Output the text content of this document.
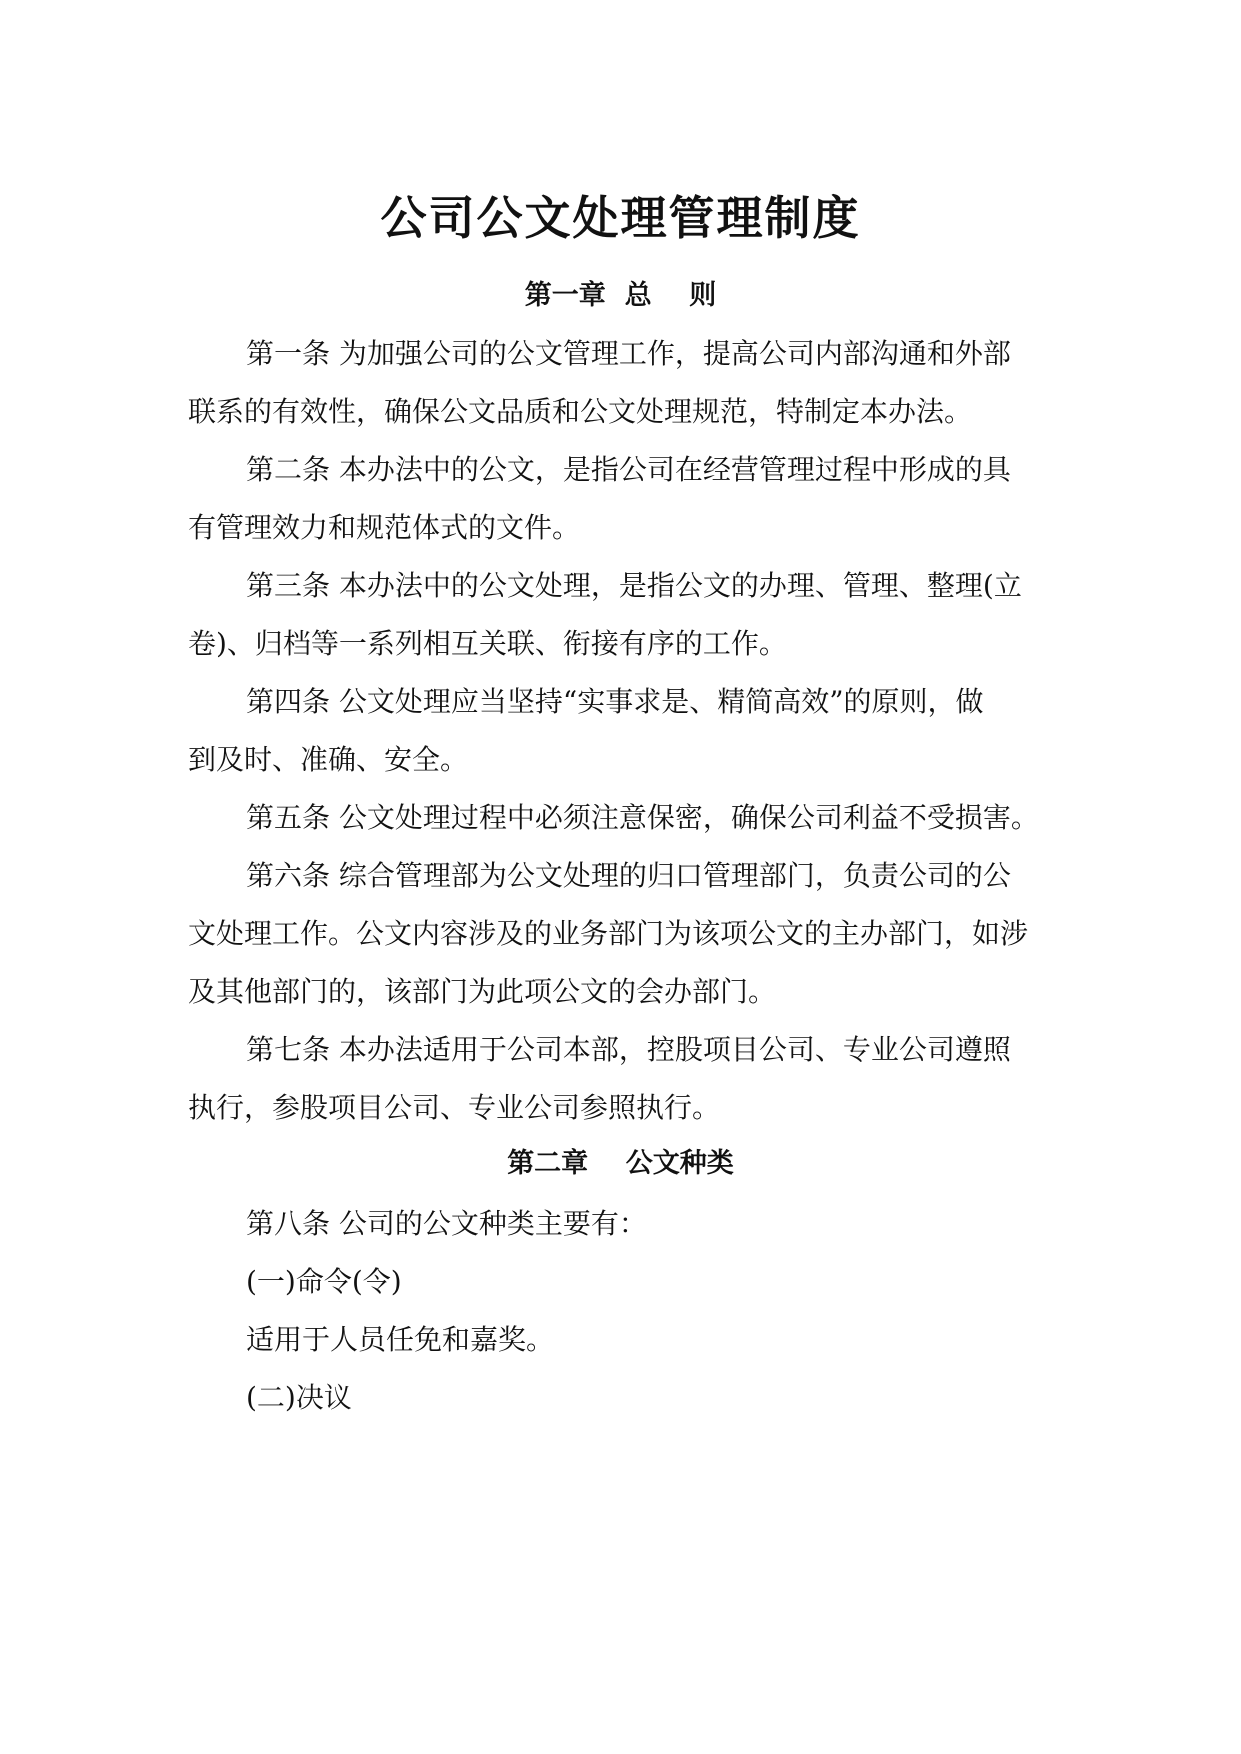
公司公文处理管理制度
第一章  总    则

第一条 为加强公司的公文管理工作，提高公司内部沟通和外部

联系的有效性，确保公文品质和公文处理规范，特制定本办法。

第二条 本办法中的公文，是指公司在经营管理过程中形成的具

有管理效力和规范体式的文件。

第三条 本办法中的公文处理，是指公文的办理、管理、整理(立

卷)、归档等一系列相互关联、衔接有序的工作。

第四条 公文处理应当坚持“实事求是、精简高效”的原则，做

到及时、准确、安全。

第五条 公文处理过程中必须注意保密，确保公司利益不受损害。

第六条 综合管理部为公文处理的归口管理部门，负责公司的公

文处理工作。公文内容涉及的业务部门为该项公文的主办部门，如涉

及其他部门的，该部门为此项公文的会办部门。

第七条 本办法适用于公司本部，控股项目公司、专业公司遵照

执行，参股项目公司、专业公司参照执行。

第二章    公文种类

第八条 公司的公文种类主要有：

(一)命令(令)

适用于人员任免和嘉奖。

(二)决议
